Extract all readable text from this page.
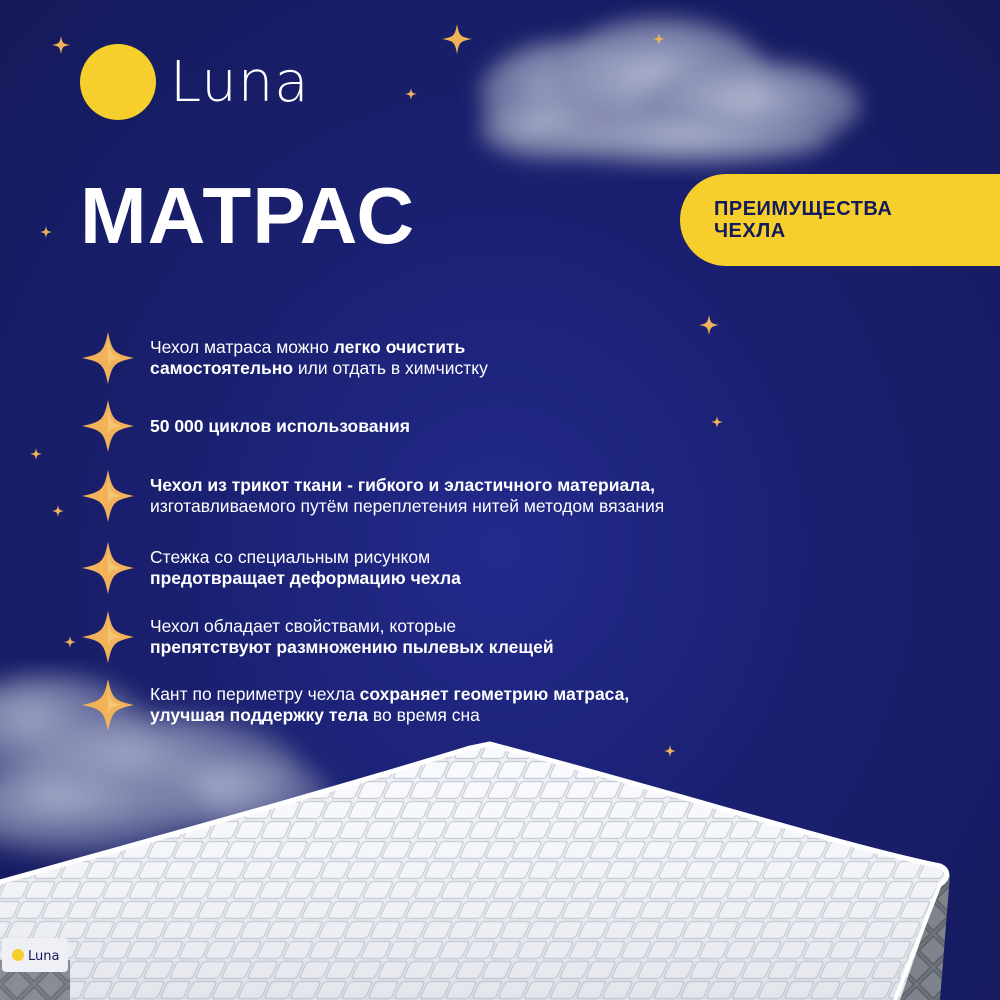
Luna
МАТРАС	ПРЕИМУЩЕСТВА
ЧЕХЛА
Чехол матраса можно легко очистить
самостоятельно или отдать в химчистку
50 000 циклов использования
Чехол из трикот ткани - гибкого и эластичного материала,
изготавливаемого путём переплетения нитей методом вязания
Стежка со специальным рисунком
предотвращает деформацию чехла
Чехол обладает свойствами, которые
препятствуют размножению пылевых клещей
Кант по периметру чехла сохраняет геометрию матраса,
улучшая поддержку тела во время сна
Luna
